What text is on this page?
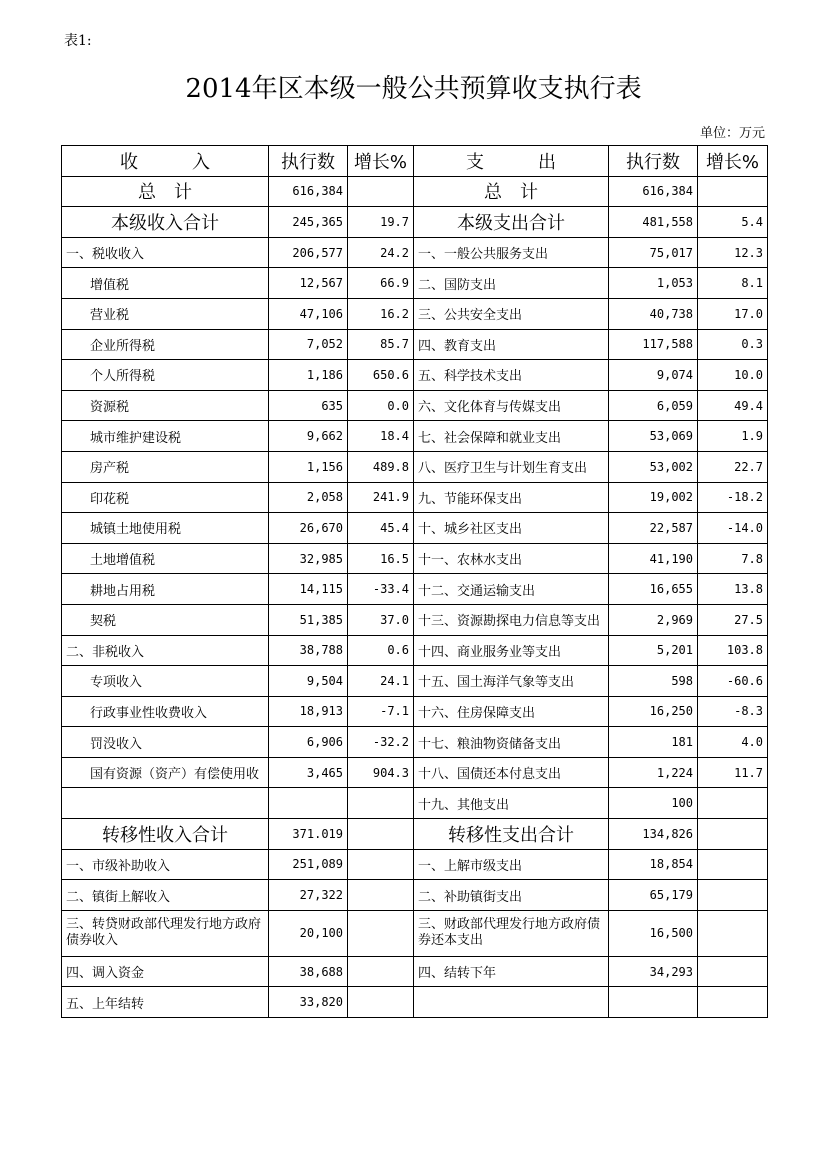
表1:
2014年区本级一般公共预算收支执行表
单位：万元
收　　　入	执行数	增长%	支　　　出	执行数	增长%
总　计	616,384		总　计	616,384	
本级收入合计	245,365	19.7	本级支出合计	481,558	5.4
一、税收收入	206,577	24.2	一、一般公共服务支出	75,017	12.3
增值税	12,567	66.9	二、国防支出	1,053	8.1
营业税	47,106	16.2	三、公共安全支出	40,738	17.0
企业所得税	7,052	85.7	四、教育支出	117,588	0.3
个人所得税	1,186	650.6	五、科学技术支出	9,074	10.0
资源税	635	0.0	六、文化体育与传媒支出	6,059	49.4
城市维护建设税	9,662	18.4	七、社会保障和就业支出	53,069	1.9
房产税	1,156	489.8	八、医疗卫生与计划生育支出	53,002	22.7
印花税	2,058	241.9	九、节能环保支出	19,002	-18.2
城镇土地使用税	26,670	45.4	十、城乡社区支出	22,587	-14.0
土地增值税	32,985	16.5	十一、农林水支出	41,190	7.8
耕地占用税	14,115	-33.4	十二、交通运输支出	16,655	13.8
契税	51,385	37.0	十三、资源勘探电力信息等支出	2,969	27.5
二、非税收入	38,788	0.6	十四、商业服务业等支出	5,201	103.8
专项收入	9,504	24.1	十五、国土海洋气象等支出	598	-60.6
行政事业性收费收入	18,913	-7.1	十六、住房保障支出	16,250	-8.3
罚没收入	6,906	-32.2	十七、粮油物资储备支出	181	4.0
国有资源（资产）有偿使用收	3,465	904.3	十八、国债还本付息支出	1,224	11.7
			十九、其他支出	100	
转移性收入合计	371.019		转移性支出合计	134,826	
一、市级补助收入	251,089		一、上解市级支出	18,854	
二、镇街上解收入	27,322		二、补助镇街支出	65,179	
三、转贷财政部代理发行地方政府债券收入	20,100		三、财政部代理发行地方政府债券还本支出	16,500	
四、调入资金	38,688		四、结转下年	34,293	
五、上年结转	33,820				
